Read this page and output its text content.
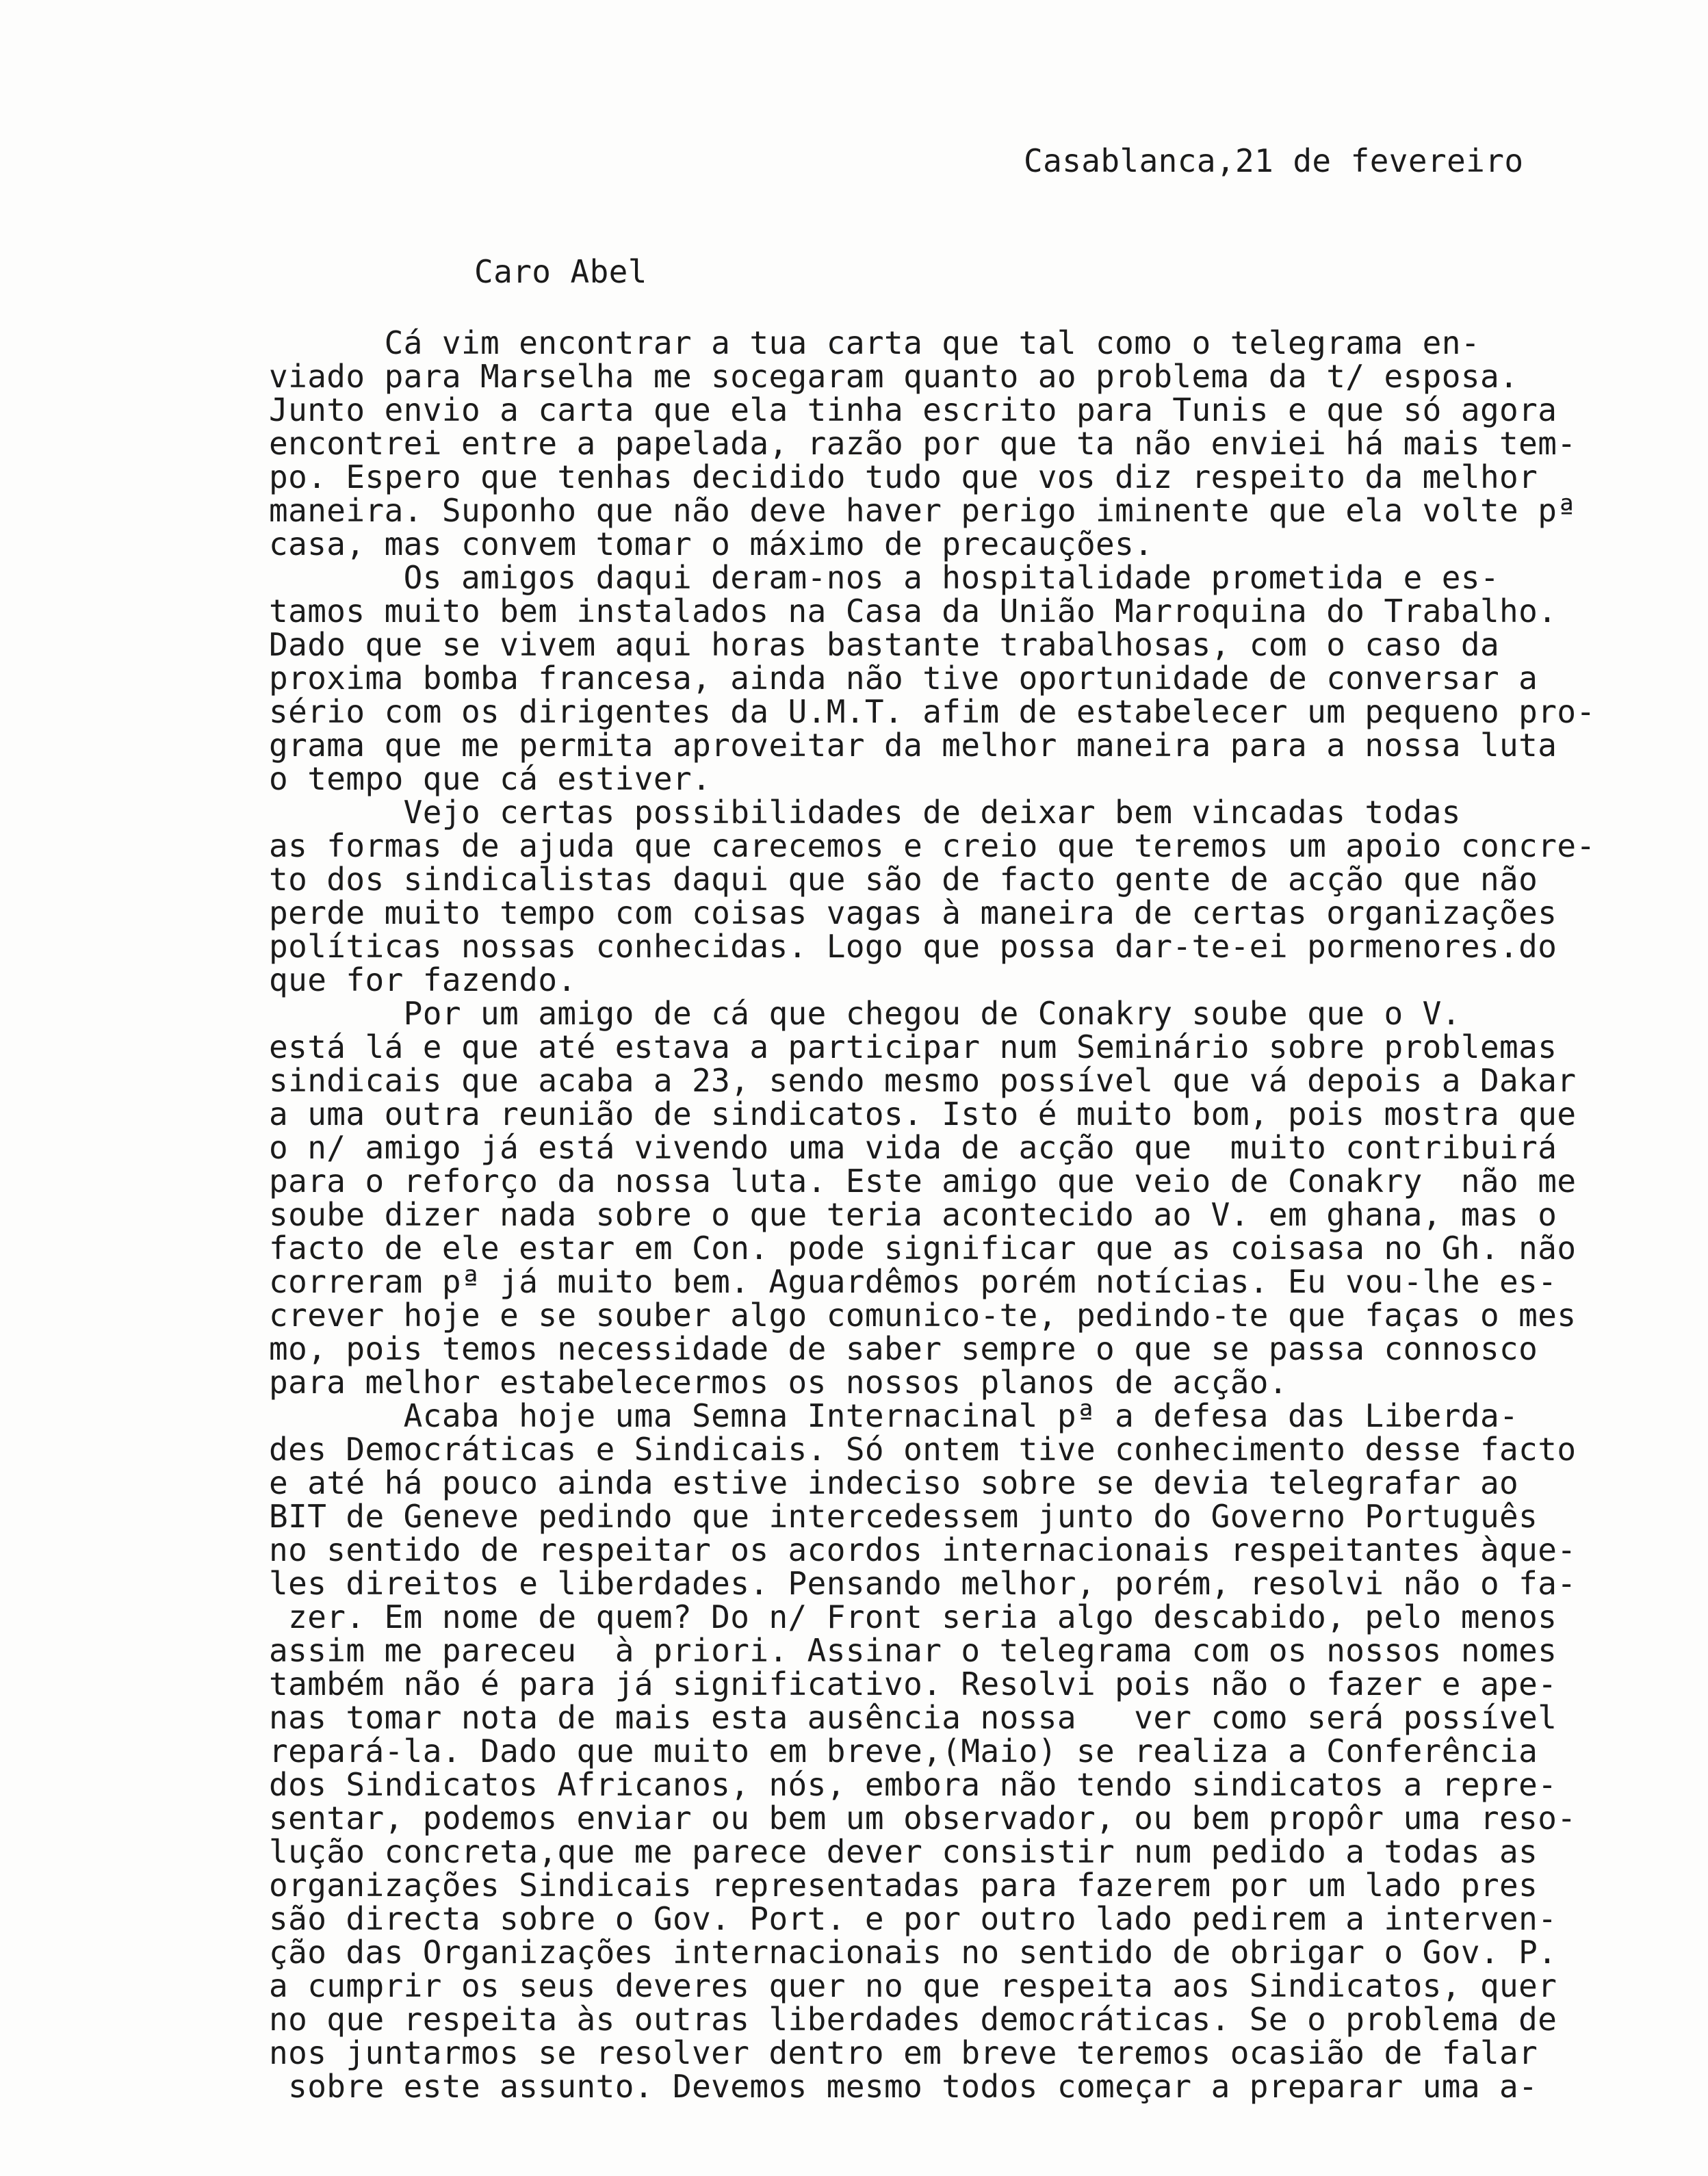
Casablanca,21 de fevereiro
Caro Abel
Cá vim encontrar a tua carta que tal como o telegrama en-
viado para Marselha me socegaram quanto ao problema da t/ esposa.
Junto envio a carta que ela tinha escrito para Tunis e que só agora
encontrei entre a papelada, razão por que ta não enviei há mais tem-
po. Espero que tenhas decidido tudo que vos diz respeito da melhor
maneira. Suponho que não deve haver perigo iminente que ela volte pª
casa, mas convem tomar o máximo de precauções.
Os amigos daqui deram-nos a hospitalidade prometida e es-
tamos muito bem instalados na Casa da União Marroquina do Trabalho.
Dado que se vivem aqui horas bastante trabalhosas, com o caso da
proxima bomba francesa, ainda não tive oportunidade de conversar a
sério com os dirigentes da U.M.T. afim de estabelecer um pequeno pro-
grama que me permita aproveitar da melhor maneira para a nossa luta
o tempo que cá estiver.
Vejo certas possibilidades de deixar bem vincadas todas
as formas de ajuda que carecemos e creio que teremos um apoio concre-
to dos sindicalistas daqui que são de facto gente de acção que não
perde muito tempo com coisas vagas à maneira de certas organizações
políticas nossas conhecidas. Logo que possa dar-te-ei pormenores.do
que for fazendo.
Por um amigo de cá que chegou de Conakry soube que o V.
está lá e que até estava a participar num Seminário sobre problemas
sindicais que acaba a 23, sendo mesmo possível que vá depois a Dakar
a uma outra reunião de sindicatos. Isto é muito bom, pois mostra que
o n/ amigo já está vivendo uma vida de acção que  muito contribuirá
para o reforço da nossa luta. Este amigo que veio de Conakry  não me
soube dizer nada sobre o que teria acontecido ao V. em ghana, mas o
facto de ele estar em Con. pode significar que as coisasa no Gh. não
correram pª já muito bem. Aguardêmos porém notícias. Eu vou-lhe es-
crever hoje e se souber algo comunico-te, pedindo-te que faças o mes
mo, pois temos necessidade de saber sempre o que se passa connosco
para melhor estabelecermos os nossos planos de acção.
Acaba hoje uma Semna Internacinal pª a defesa das Liberda-
des Democráticas e Sindicais. Só ontem tive conhecimento desse facto
e até há pouco ainda estive indeciso sobre se devia telegrafar ao
BIT de Geneve pedindo que intercedessem junto do Governo Português
no sentido de respeitar os acordos internacionais respeitantes àque-
les direitos e liberdades. Pensando melhor, porém, resolvi não o fa-
zer. Em nome de quem? Do n/ Front seria algo descabido, pelo menos
assim me pareceu  à priori. Assinar o telegrama com os nossos nomes
também não é para já significativo. Resolvi pois não o fazer e ape-
nas tomar nota de mais esta ausência nossa   ver como será possível
repará-la. Dado que muito em breve,(Maio) se realiza a Conferência
dos Sindicatos Africanos, nós, embora não tendo sindicatos a repre-
sentar, podemos enviar ou bem um observador, ou bem propôr uma reso-
lução concreta,que me parece dever consistir num pedido a todas as
organizações Sindicais representadas para fazerem por um lado pres
são directa sobre o Gov. Port. e por outro lado pedirem a interven-
ção das Organizações internacionais no sentido de obrigar o Gov. P.
a cumprir os seus deveres quer no que respeita aos Sindicatos, quer
no que respeita às outras liberdades democráticas. Se o problema de
nos juntarmos se resolver dentro em breve teremos ocasião de falar
sobre este assunto. Devemos mesmo todos começar a preparar uma a-
